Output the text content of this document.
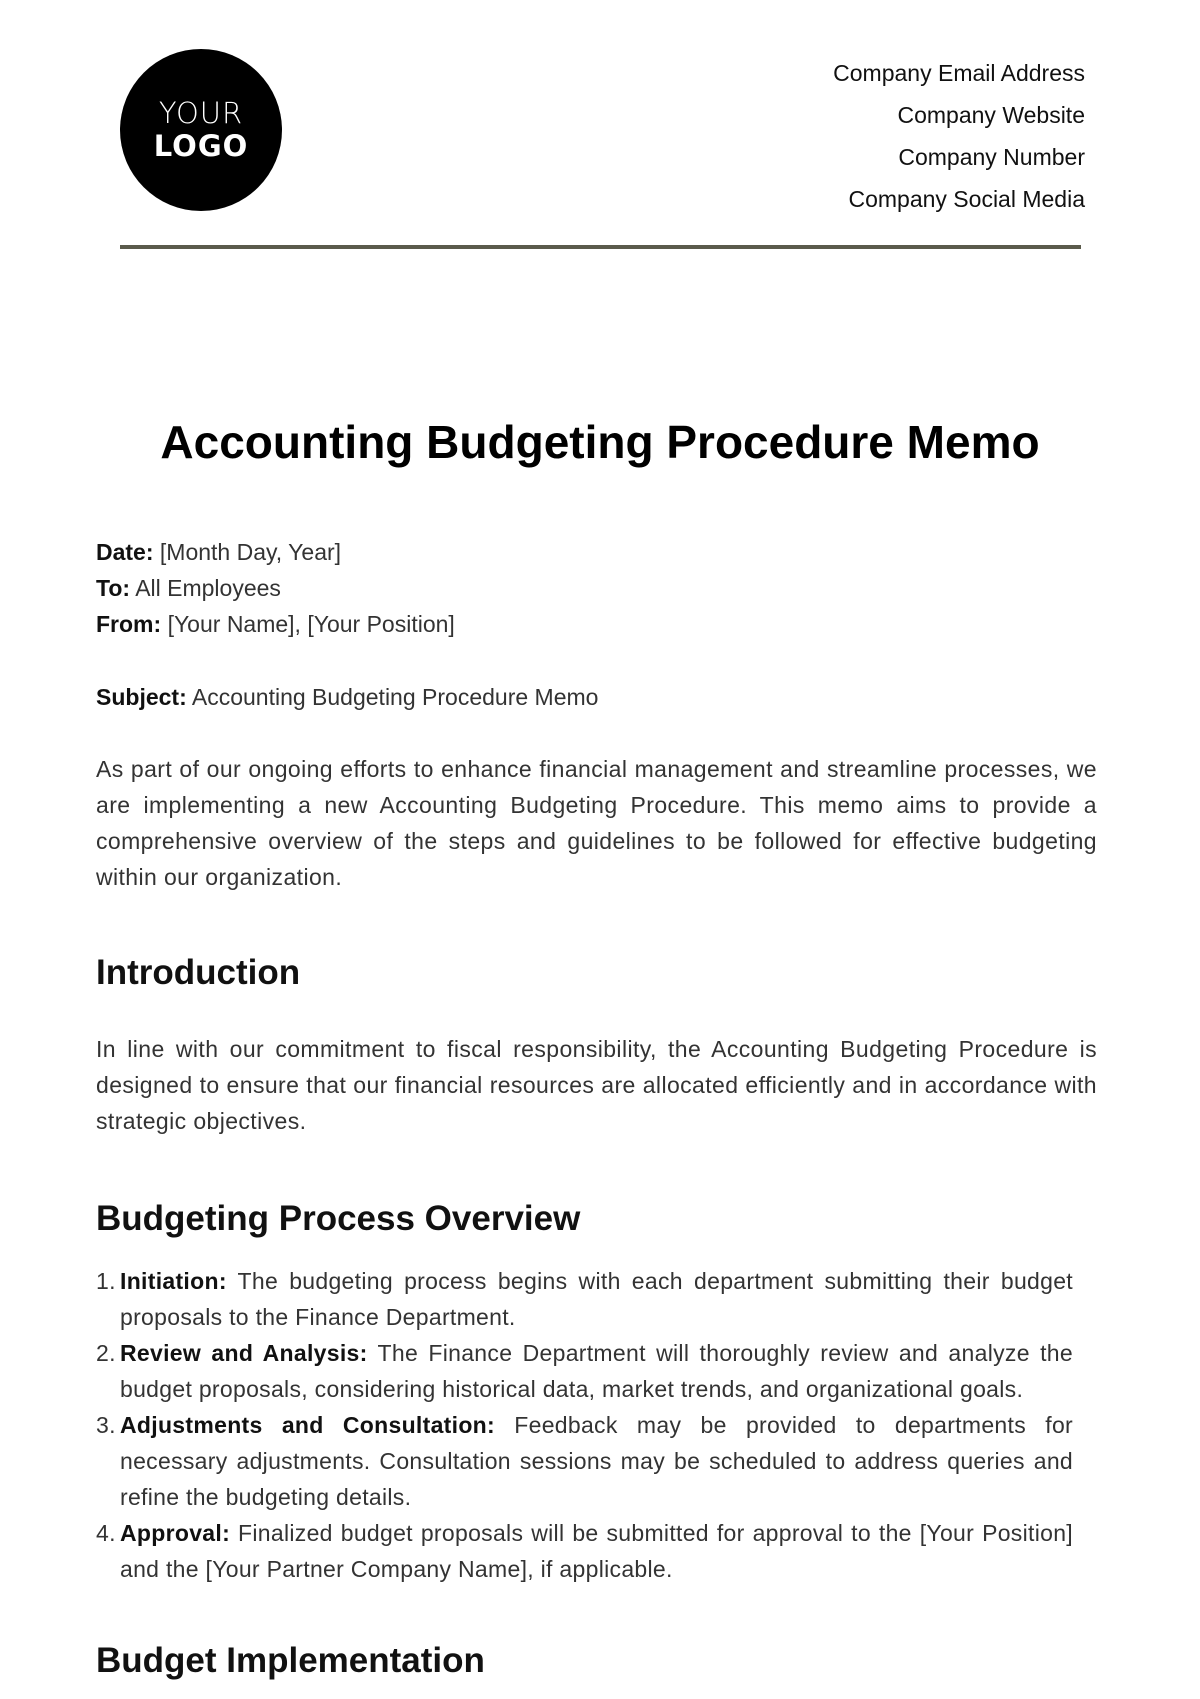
YOUR
LOGO
Company Email Address
Company Website
Company Number
Company Social Media
Accounting Budgeting Procedure Memo
Date: [Month Day, Year]
To: All Employees
From: [Your Name], [Your Position]
Subject: Accounting Budgeting Procedure Memo

As part of our ongoing efforts to enhance financial management and streamline processes, we are implementing a new Accounting Budgeting Procedure. This memo aims to provide a comprehensive overview of the steps and guidelines to be followed for effective budgeting within our organization.

Introduction

In line with our commitment to fiscal responsibility, the Accounting Budgeting Procedure is designed to ensure that our financial resources are allocated efficiently and in accordance with strategic objectives.

Budgeting Process Overview
1. Initiation: The budgeting process begins with each department submitting their budget proposals to the Finance Department.
2. Review and Analysis: The Finance Department will thoroughly review and analyze the budget proposals, considering historical data, market trends, and organizational goals.
3. Adjustments and Consultation: Feedback may be provided to departments for necessary adjustments. Consultation sessions may be scheduled to address queries and refine the budgeting details.
4. Approval: Finalized budget proposals will be submitted for approval to the [Your Position] and the [Your Partner Company Name], if applicable.
Budget Implementation
